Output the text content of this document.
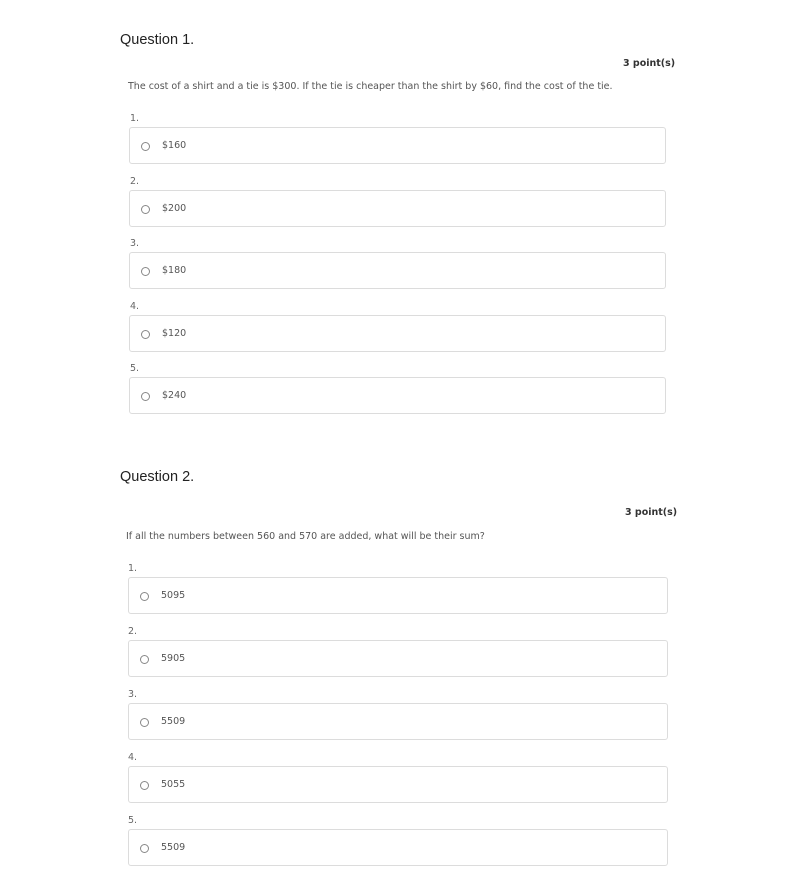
Question 1.
3 point(s)
The cost of a shirt and a tie is $300. If the tie is cheaper than the shirt by $60, find the cost of the tie.
1.
$160
2.
$200
3.
$180
4.
$120
5.
$240
Question 2.
3 point(s)
If all the numbers between 560 and 570 are added, what will be their sum?
1.
5095
2.
5905
3.
5509
4.
5055
5.
5509
